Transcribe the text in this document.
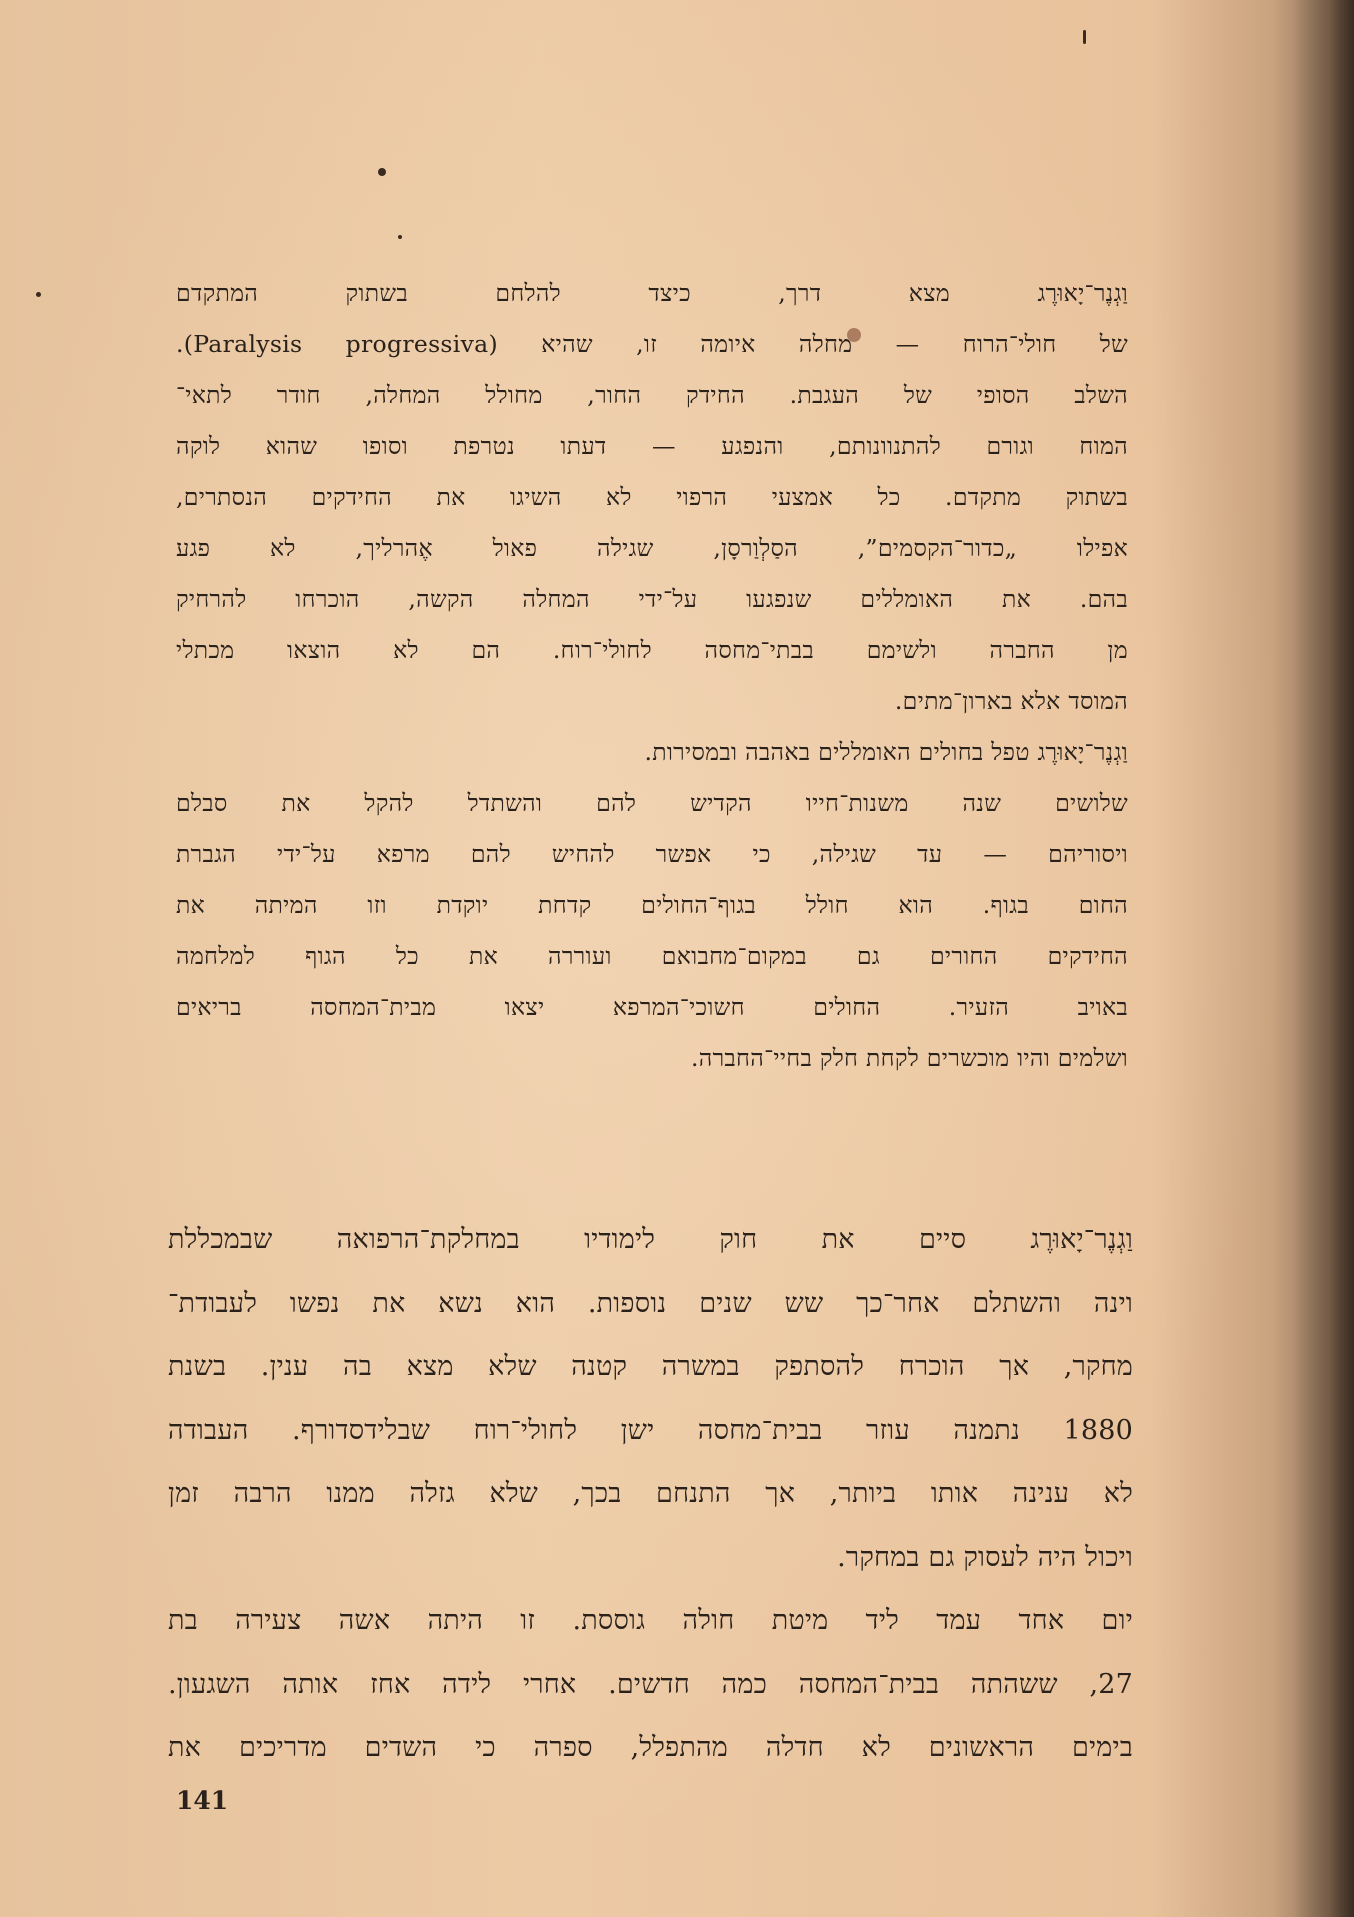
וַגְנֶר־יָאוּרֶג מצא דרך, כיצד להלחם בשתוק המתקדם
של חולי־הרוח — מחלה איומה זו, שהיא (Paralysis progressiva).
השלב הסופי של העגבת. החידק החור, מחולל המחלה, חודר לתאי־
המוח וגורם להתנוונותם, והנפגע — דעתו נטרפת וסופו שהוא לוקה
בשתוק מתקדם. כל אמצעי הרפוי לא השיגו את החידקים הנסתרים,
אפילו „כדור־הקסמים”, הסַלְוַרסָן, שגילה פאול אֶהרליך, לא פגע
בהם. את האומללים שנפגעו על־ידי המחלה הקשה, הוכרחו להרחיק
מן החברה ולשימם בבתי־מחסה לחולי־רוח. הם לא הוצאו מכתלי
המוסד אלא בארון־מתים.
וַגְנֶר־יָאוּרֶג טפל בחולים האומללים באהבה ובמסירות.
שלושים שנה משנות־חייו הקדיש להם והשתדל להקל את סבלם
ויסוריהם — עד שגילה, כי אפשר להחיש להם מרפא על־ידי הגברת
החום בגוף. הוא חולל בגוף־החולים קדחת יוקדת וזו המיתה את
החידקים החורים גם במקום־מחבואם ועוררה את כל הגוף למלחמה
באויב הזעיר. החולים חשוכי־המרפא יצאו מבית־המחסה בריאים
ושלמים והיו מוכשרים לקחת חלק בחיי־החברה.
וַגְנֶר־יָאוּרֶג סיים את חוק לימודיו במחלקת־הרפואה שבמכללת
וינה והשתלם אחר־כך שש שנים נוספות. הוא נשא את נפשו לעבודת־
מחקר, אך הוכרח להסתפק במשרה קטנה שלא מצא בה ענין. בשנת
1880 נתמנה עוזר בבית־מחסה ישן לחולי־רוח שבלידסדורף. העבודה
לא ענינה אותו ביותר, אך התנחם בכך, שלא גזלה ממנו הרבה זמן
ויכול היה לעסוק גם במחקר.
יום אחד עמד ליד מיטת חולה גוססת. זו היתה אשה צעירה בת
27, ששהתה בבית־המחסה כמה חדשים. אחרי לידה אחז אותה השגעון.
בימים הראשונים לא חדלה מהתפלל, ספרה כי השדים מדריכים את
141
